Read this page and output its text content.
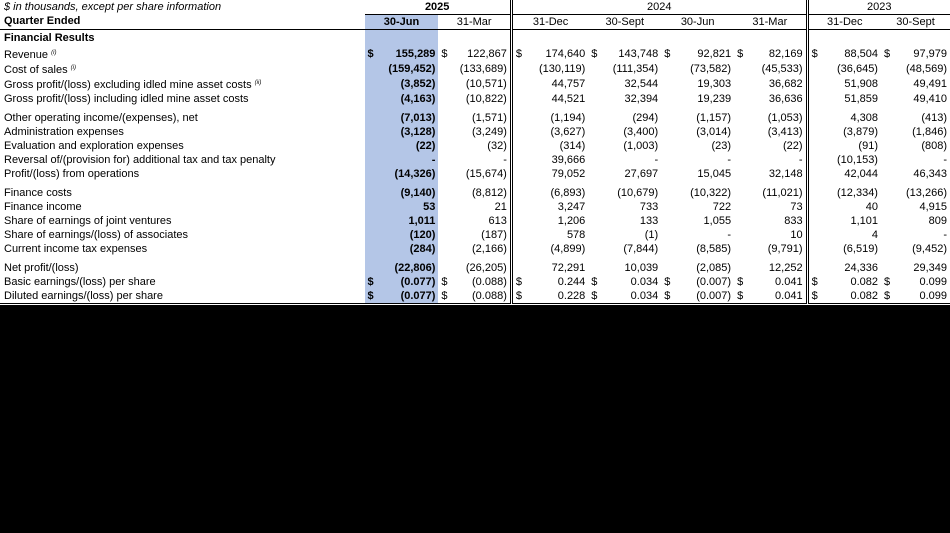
$ in thousands, except per share information	2025				2024								2023			
Quarter Ended	30-Jun		31-Mar		31-Dec		30-Sept		30-Jun		31-Mar		31-Dec		30-Sept	
Financial Results																
Revenue $^{(i)}$	$	155,289	$	122,867	$	174,640	$	143,748	$	92,821	$	82,169	$	88,504	$	97,979
Cost of sales $^{(i)}$		(159,452)		(133,689)		(130,119)		(111,354)		(73,582)		(45,533)		(36,645)		(48,569)
Gross profit/(loss) excluding idled mine asset costs $^{(ii)}$		(3,852)		(10,571)		44,757		32,544		19,303		36,682		51,908		49,491
Gross profit/(loss) including idled mine asset costs		(4,163)		(10,822)		44,521		32,394		19,239		36,636		51,859		49,410

Other operating income/(expenses), net		(7,013)		(1,571)		(1,194)		(294)		(1,157)		(1,053)		4,308		(413)
Administration expenses		(3,128)		(3,249)		(3,627)		(3,400)		(3,014)		(3,413)		(3,879)		(1,846)
Evaluation and exploration expenses		(22)		(32)		(314)		(1,003)		(23)		(22)		(91)		(808)
Reversal of/(provision for) additional tax and tax penalty		-		-		39,666		-		-		-		(10,153)		-
Profit/(loss) from operations		(14,326)		(15,674)		79,052		27,697		15,045		32,148		42,044		46,343

Finance costs		(9,140)		(8,812)		(6,893)		(10,679)		(10,322)		(11,021)		(12,334)		(13,266)
Finance income		53		21		3,247		733		722		73		40		4,915
Share of earnings of joint ventures		1,011		613		1,206		133		1,055		833		1,101		809
Share of earnings/(loss) of associates		(120)		(187)		578		(1)		-		10		4		-
Current income tax expenses		(284)		(2,166)		(4,899)		(7,844)		(8,585)		(9,791)		(6,519)		(9,452)

Net profit/(loss)		(22,806)		(26,205)		72,291		10,039		(2,085)		12,252		24,336		29,349
Basic earnings/(loss) per share	$	(0.077)	$	(0.088)	$	0.244	$	0.034	$	(0.007)	$	0.041	$	0.082	$	0.099
Diluted earnings/(loss) per share	$	(0.077)	$	(0.088)	$	0.228	$	0.034	$	(0.007)	$	0.041	$	0.082	$	0.099
